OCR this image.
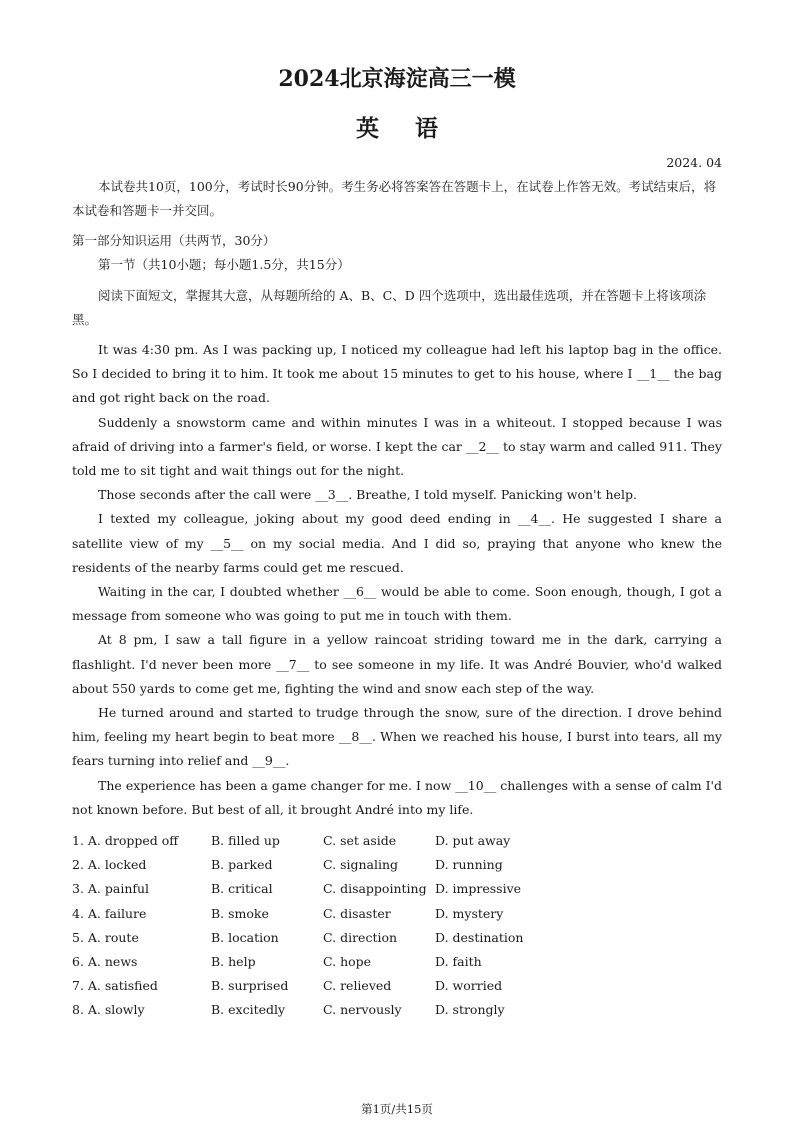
2024北京海淀高三一模
英语
2024. 04

本试卷共10页，100分，考试时长90分钟。考生务必将答案答在答题卡上，在试卷上作答无效。考试结束后，将本试卷和答题卡一并交回。

第一部分知识运用（共两节，30分）

第一节（共10小题；每小题1.5分，共15分）

阅读下面短文，掌握其大意，从每题所给的 A、B、C、D 四个选项中，选出最佳选项，并在答题卡上将该项涂黑。

It was 4:30 pm. As I was packing up, I noticed my colleague had left his laptop bag in the office. So I decided to bring it to him. It took me about 15 minutes to get to his house, where I __1__ the bag and got right back on the road.

Suddenly a snowstorm came and within minutes I was in a whiteout. I stopped because I was afraid of driving into a farmer's field, or worse. I kept the car __2__ to stay warm and called 911. They told me to sit tight and wait things out for the night.

Those seconds after the call were __3__. Breathe, I told myself. Panicking won't help.

I texted my colleague, joking about my good deed ending in __4__. He suggested I share a satellite view of my __5__ on my social media. And I did so, praying that anyone who knew the residents of the nearby farms could get me rescued.

Waiting in the car, I doubted whether __6__ would be able to come. Soon enough, though, I got a message from someone who was going to put me in touch with them.

At 8 pm, I saw a tall figure in a yellow raincoat striding toward me in the dark, carrying a flashlight. I'd never been more __7__ to see someone in my life. It was André Bouvier, who'd walked about 550 yards to come get me, fighting the wind and snow each step of the way.

He turned around and started to trudge through the snow, sure of the direction. I drove behind him, feeling my heart begin to beat more __8__. When we reached his house, I burst into tears, all my fears turning into relief and __9__.

The experience has been a game changer for me. I now __10__ challenges with a sense of calm I'd not known before. But best of all, it brought André into my life.

1. A. dropped off	B. filled up	C. set aside	D. put away
2. A. locked	B. parked	C. signaling	D. running
3. A. painful	B. critical	C. disappointing D. impressive
4. A. failure	B. smoke	C. disaster	D. mystery
5. A. route	B. location	C. direction	D. destination
6. A. news	B. help	C. hope	D. faith
7. A. satisfied	B. surprised	C. relieved	D. worried
8. A. slowly	B. excitedly	C. nervously	D. strongly
第1页/共15页
